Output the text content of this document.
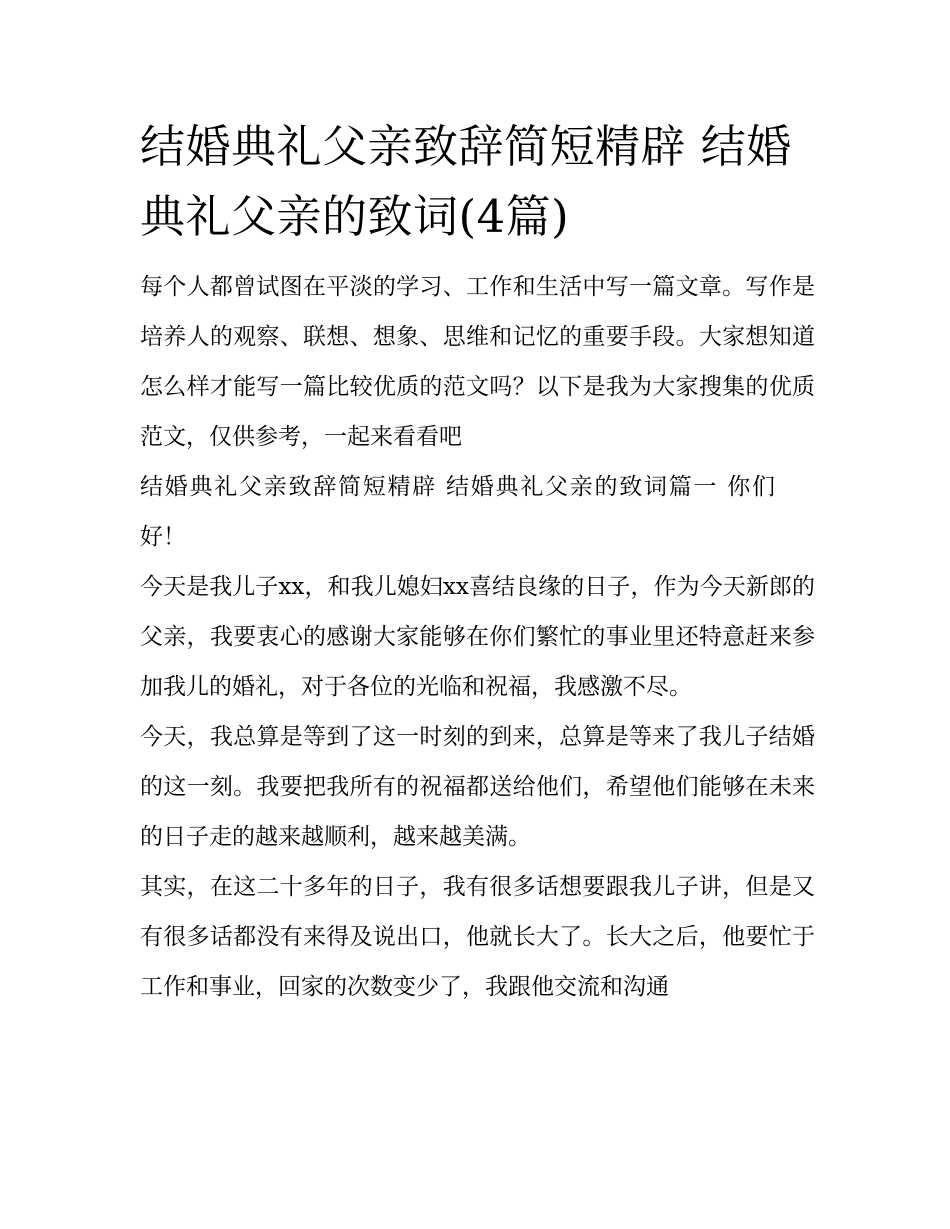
结婚典礼父亲致辞简短精辟 结婚典礼父亲的致词(4篇)

每个人都曾试图在平淡的学习、工作和生活中写一篇文章。写作是培养人的观察、联想、想象、思维和记忆的重要手段。大家想知道怎么样才能写一篇比较优质的范文吗？以下是我为大家搜集的优质范文，仅供参考，一起来看看吧

结婚典礼父亲致辞简短精辟 结婚典礼父亲的致词篇一 你们好！

今天是我儿子xx，和我儿媳妇xx喜结良缘的日子，作为今天新郎的父亲，我要衷心的感谢大家能够在你们繁忙的事业里还特意赶来参加我儿的婚礼，对于各位的光临和祝福，我感激不尽。

今天，我总算是等到了这一时刻的到来，总算是等来了我儿子结婚的这一刻。我要把我所有的祝福都送给他们，希望他们能够在未来的日子走的越来越顺利，越来越美满。

其实，在这二十多年的日子，我有很多话想要跟我儿子讲，但是又有很多话都没有来得及说出口，他就长大了。长大之后，他要忙于工作和事业，回家的次数变少了，我跟他交流和沟通
